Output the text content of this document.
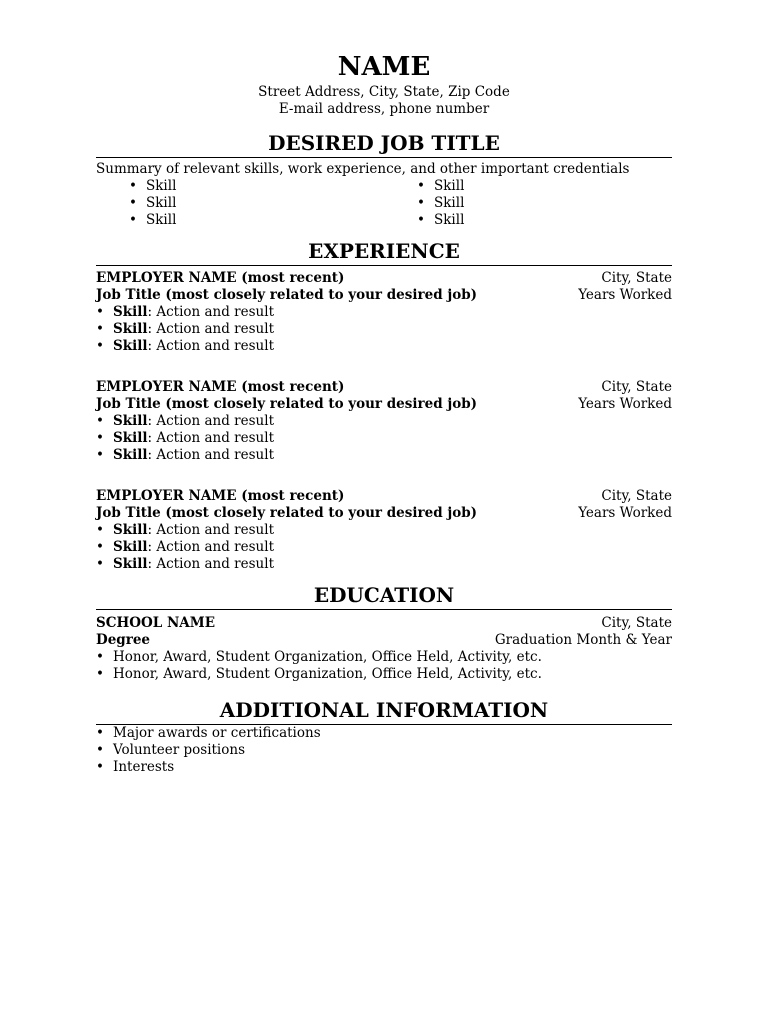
NAME
Street Address, City, State, Zip Code
E-mail address, phone number
DESIRED JOB TITLE
Summary of relevant skills, work experience, and other important credentials
• Skill
• Skill
• Skill
• Skill
• Skill
• Skill
EXPERIENCE
EMPLOYER NAME (most recent)	City, State
Job Title (most closely related to your desired job)	Years Worked
• Skill: Action and result
• Skill: Action and result
• Skill: Action and result
EMPLOYER NAME (most recent)	City, State
Job Title (most closely related to your desired job)	Years Worked
• Skill: Action and result
• Skill: Action and result
• Skill: Action and result
EMPLOYER NAME (most recent)	City, State
Job Title (most closely related to your desired job)	Years Worked
• Skill: Action and result
• Skill: Action and result
• Skill: Action and result
EDUCATION
SCHOOL NAME	City, State
Degree	Graduation Month & Year
• Honor, Award, Student Organization, Office Held, Activity, etc.
• Honor, Award, Student Organization, Office Held, Activity, etc.
ADDITIONAL INFORMATION
• Major awards or certifications
• Volunteer positions
• Interests
